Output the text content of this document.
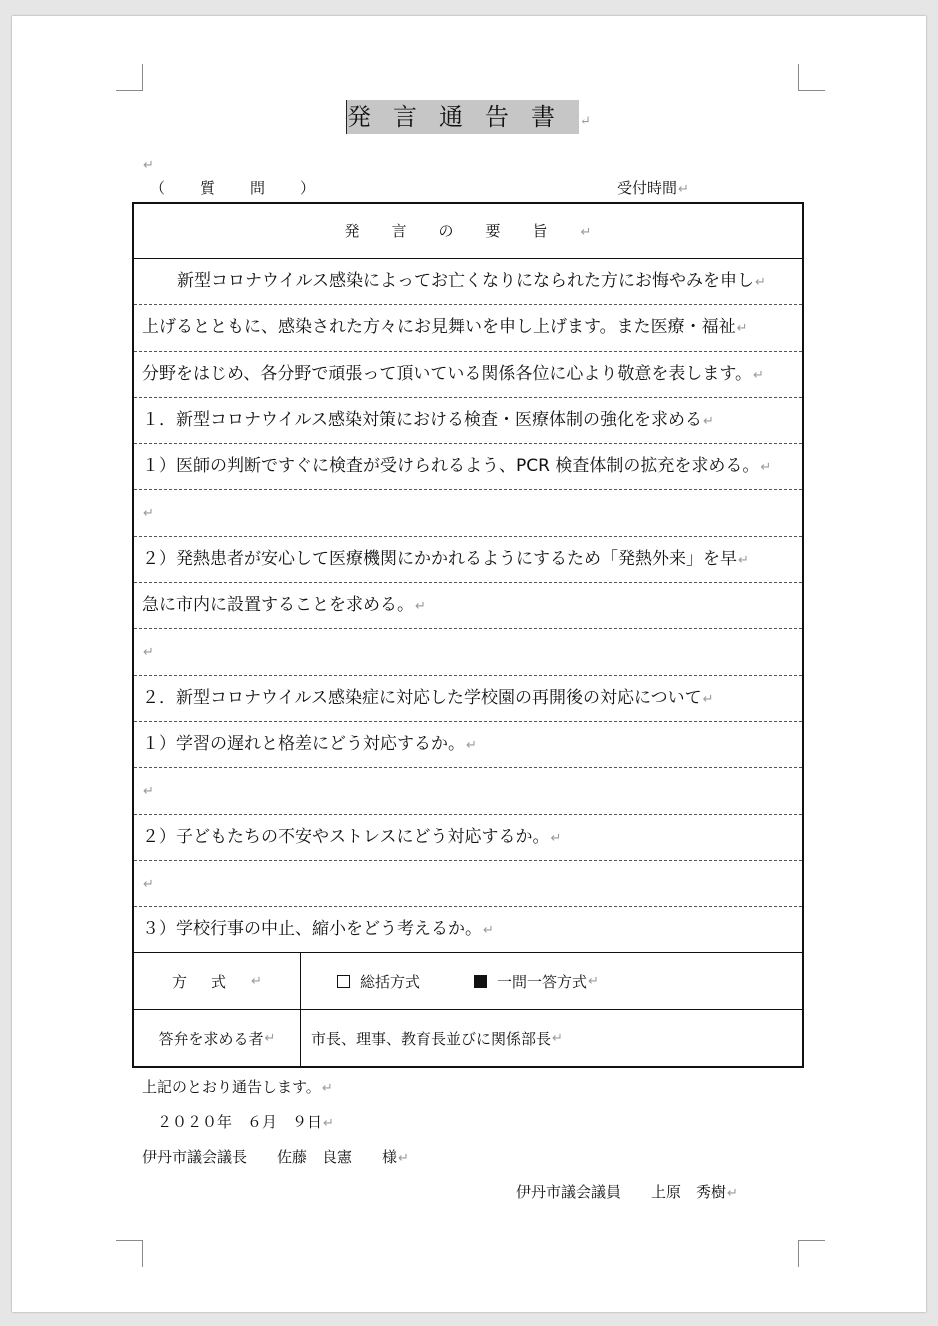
発言通告書 ↵
↵
（　質　問　）	受付時間↵
発言の要旨↵
　新型コロナウイルス感染によってお亡くなりになられた方にお悔やみを申し↵
上げるとともに、感染された方々にお見舞いを申し上げます。また医療・福祉↵
分野をはじめ、各分野で頑張って頂いている関係各位に心より敬意を表します。↵
１．新型コロナウイルス感染対策における検査・医療体制の強化を求める↵
１）医師の判断ですぐに検査が受けられるよう、PCR 検査体制の拡充を求める。↵
↵
２）発熱患者が安心して医療機関にかかれるようにするため「発熱外来」を早↵
急に市内に設置することを求める。↵
↵
２．新型コロナウイルス感染症に対応した学校園の再開後の対応について↵
１）学習の遅れと格差にどう対応するか。↵
↵
２）子どもたちの不安やストレスにどう対応するか。↵
↵
３）学校行事の中止、縮小をどう考えるか。↵
方式 ↵	総括方式	一問一答方式 ↵
答弁を求める者 ↵ 市長、理事、教育長並びに関係部長 ↵
上記のとおり通告します。↵
　２０２０年　６月　９日↵
伊丹市議会議長　　佐藤　良憲　　様↵
伊丹市議会議員　　上原　秀樹↵
